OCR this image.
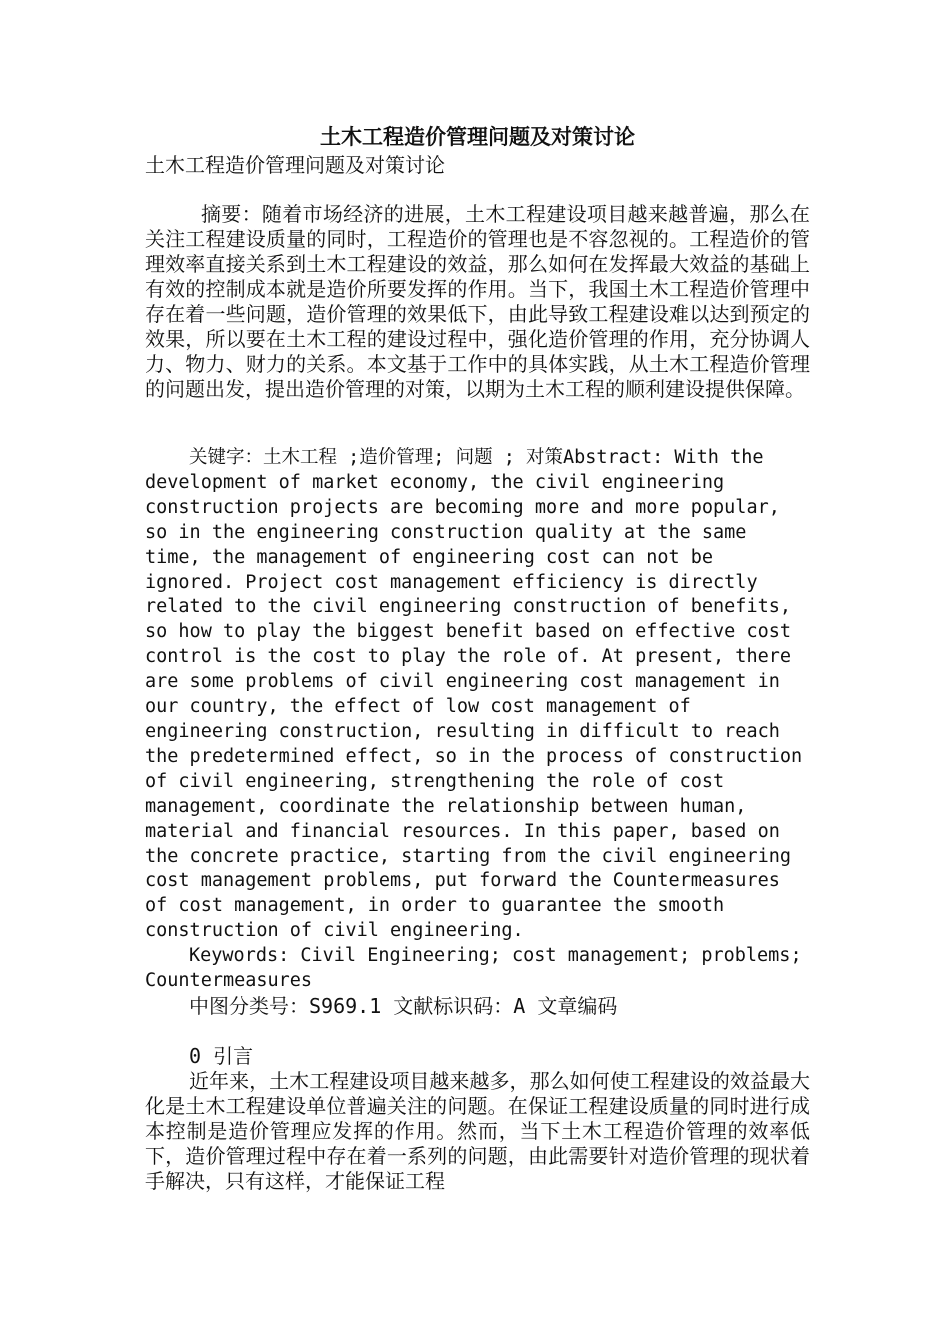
土木工程造价管理问题及对策讨论

土木工程造价管理问题及对策讨论

摘要：随着市场经济的进展，土木工程建设项目越来越普遍，那么在关注工程建设质量的同时，工程造价的管理也是不容忽视的。工程造价的管理效率直接关系到土木工程建设的效益，那么如何在发挥最大效益的基础上有效的控制成本就是造价所要发挥的作用。当下，我国土木工程造价管理中存在着一些问题，造价管理的效果低下，由此导致工程建设难以达到预定的效果，所以要在土木工程的建设过程中，强化造价管理的作用，充分协调人力、物力、财力的关系。本文基于工作中的具体实践，从土木工程造价管理的问题出发，提出造价管理的对策，以期为土木工程的顺利建设提供保障。

关键字：土木工程 ;造价管理; 问题 ; 对策Abstract: With the development of market economy, the civil engineering construction projects are becoming more and more popular, so in the engineering construction quality at the same time, the management of engineering cost can not be ignored. Project cost management efficiency is directly related to the civil engineering construction of benefits, so how to play the biggest benefit based on effective cost control is the cost to play the role of. At present, there are some problems of civil engineering cost management in our country, the effect of low cost management of engineering construction, resulting in difficult to reach the predetermined effect, so in the process of construction of civil engineering, strengthening the role of cost management, coordinate the relationship between human, material and financial resources. In this paper, based on the concrete practice, starting from the civil engineering cost management problems, put forward the Countermeasures of cost management, in order to guarantee the smooth construction of civil engineering.

Keywords: Civil Engineering; cost management; problems; Countermeasures

中图分类号：S969.1 文献标识码：A 文章编码

0 引言

近年来，土木工程建设项目越来越多，那么如何使工程建设的效益最大化是土木工程建设单位普遍关注的问题。在保证工程建设质量的同时进行成本控制是造价管理应发挥的作用。然而，当下土木工程造价管理的效率低下，造价管理过程中存在着一系列的问题，由此需要针对造价管理的现状着手解决，只有这样，才能保证工程
